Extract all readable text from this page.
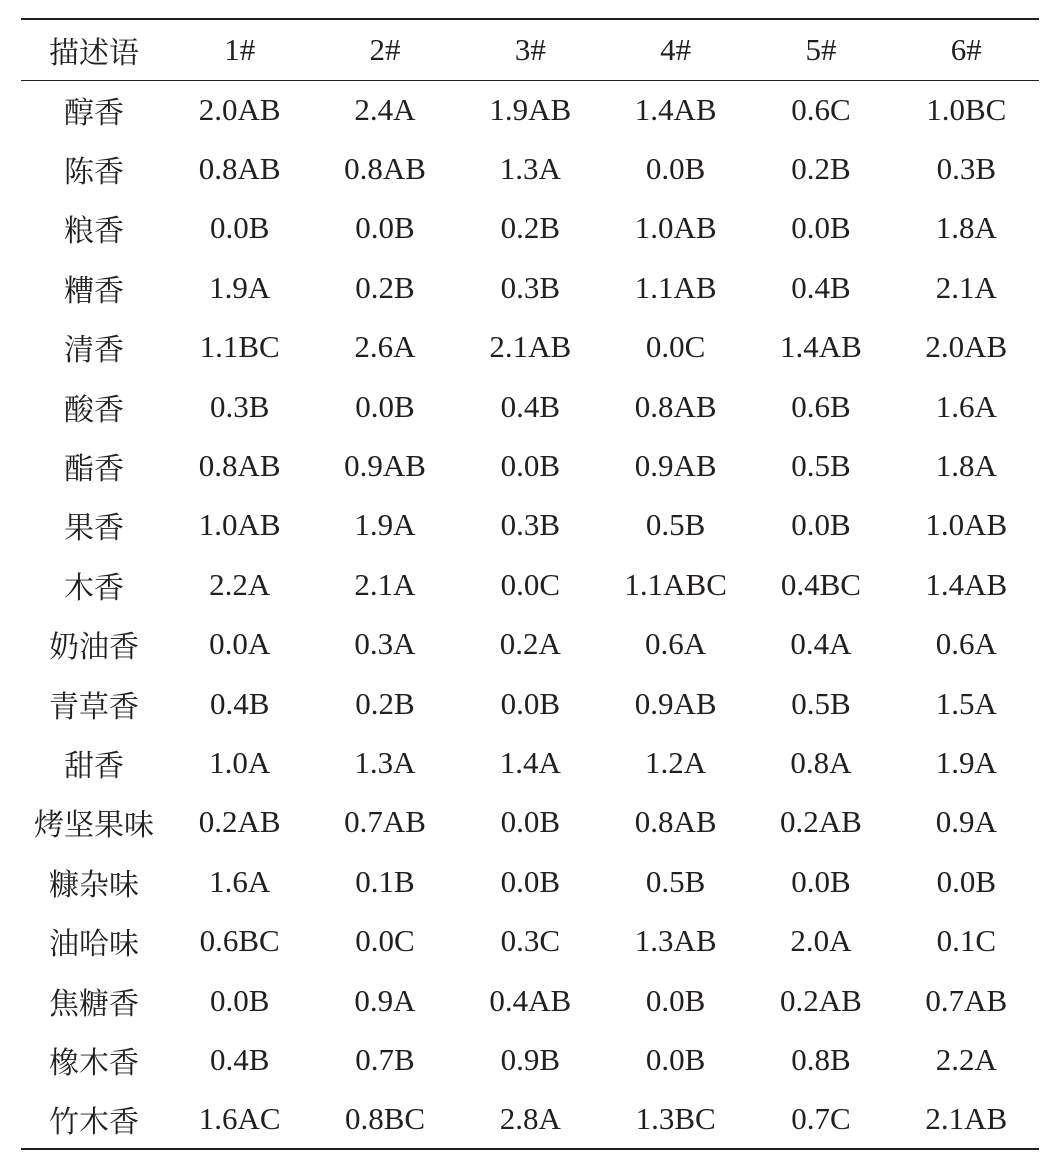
描述语	1#	2#	3#	4#	5#	6#
醇香	2.0AB	2.4A	1.9AB	1.4AB	0.6C	1.0BC
陈香	0.8AB	0.8AB	1.3A	0.0B	0.2B	0.3B
粮香	0.0B	0.0B	0.2B	1.0AB	0.0B	1.8A
糟香	1.9A	0.2B	0.3B	1.1AB	0.4B	2.1A
清香	1.1BC	2.6A	2.1AB	0.0C	1.4AB	2.0AB
酸香	0.3B	0.0B	0.4B	0.8AB	0.6B	1.6A
酯香	0.8AB	0.9AB	0.0B	0.9AB	0.5B	1.8A
果香	1.0AB	1.9A	0.3B	0.5B	0.0B	1.0AB
木香	2.2A	2.1A	0.0C	1.1ABC	0.4BC	1.4AB
奶油香	0.0A	0.3A	0.2A	0.6A	0.4A	0.6A
青草香	0.4B	0.2B	0.0B	0.9AB	0.5B	1.5A
甜香	1.0A	1.3A	1.4A	1.2A	0.8A	1.9A
烤坚果味	0.2AB	0.7AB	0.0B	0.8AB	0.2AB	0.9A
糠杂味	1.6A	0.1B	0.0B	0.5B	0.0B	0.0B
油哈味	0.6BC	0.0C	0.3C	1.3AB	2.0A	0.1C
焦糖香	0.0B	0.9A	0.4AB	0.0B	0.2AB	0.7AB
橡木香	0.4B	0.7B	0.9B	0.0B	0.8B	2.2A
竹木香	1.6AC	0.8BC	2.8A	1.3BC	0.7C	2.1AB
